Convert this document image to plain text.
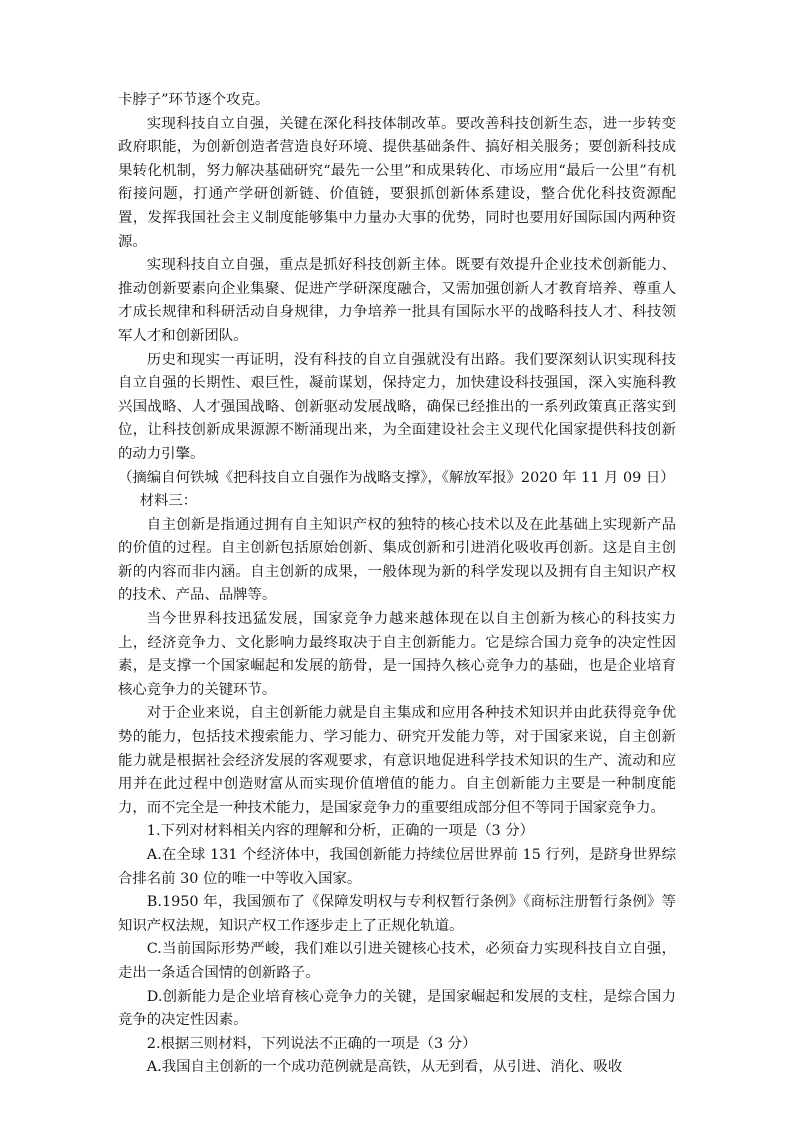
卡脖子”环节逐个攻克。

实现科技自立自强，关键在深化科技体制改革。要改善科技创新生态，进一步转变政府职能，为创新创造者营造良好环境、提供基础条件、搞好相关服务；要创新科技成果转化机制，努力解决基础研究“最先一公里”和成果转化、市场应用“最后一公里”有机衔接问题，打通产学研创新链、价值链，要狠抓创新体系建设，整合优化科技资源配置，发挥我国社会主义制度能够集中力量办大事的优势，同时也要用好国际国内两种资源。

实现科技自立自强，重点是抓好科技创新主体。既要有效提升企业技术创新能力、推动创新要素向企业集聚、促进产学研深度融合，又需加强创新人才教育培养、尊重人才成长规律和科研活动自身规律，力争培养一批具有国际水平的战略科技人才、科技领军人才和创新团队。

历史和现实一再证明，没有科技的自立自强就没有出路。我们要深刻认识实现科技自立自强的长期性、艰巨性，凝前谋划，保持定力，加快建设科技强国，深入实施科教兴国战略、人才强国战略、创新驱动发展战略，确保已经推出的一系列政策真正落实到位，让科技创新成果源源不断涌现出来，为全面建设社会主义现代化国家提供科技创新的动力引擎。

（摘编自何铁城《把科技自立自强作为战略支撑》，《解放军报》2020 年 11 月 09 日）

材料三：

自主创新是指通过拥有自主知识产权的独特的核心技术以及在此基础上实现新产品的价值的过程。自主创新包括原始创新、集成创新和引进消化吸收再创新。这是自主创新的内容而非内涵。自主创新的成果，一般体现为新的科学发现以及拥有自主知识产权的技术、产品、品牌等。

当今世界科技迅猛发展，国家竞争力越来越体现在以自主创新为核心的科技实力上，经济竞争力、文化影响力最终取决于自主创新能力。它是综合国力竞争的决定性因素，是支撑一个国家崛起和发展的筋骨，是一国持久核心竞争力的基础，也是企业培育核心竞争力的关键环节。

对于企业来说，自主创新能力就是自主集成和应用各种技术知识并由此获得竞争优势的能力，包括技术搜索能力、学习能力、研究开发能力等，对于国家来说，自主创新能力就是根据社会经济发展的客观要求，有意识地促进科学技术知识的生产、流动和应用并在此过程中创造财富从而实现价值增值的能力。自主创新能力主要是一种制度能力，而不完全是一种技术能力，是国家竞争力的重要组成部分但不等同于国家竞争力。

1.下列对材料相关内容的理解和分析，正确的一项是（3 分）

A.在全球 131 个经济体中，我国创新能力持续位居世界前 15 行列，是跻身世界综合排名前 30 位的唯一中等收入国家。

B.1950 年，我国颁布了《保障发明权与专利权暂行条例》《商标注册暂行条例》等知识产权法规，知识产权工作逐步走上了正规化轨道。

C.当前国际形势严峻，我们难以引进关键核心技术，必须奋力实现科技自立自强，走出一条适合国情的创新路子。

D.创新能力是企业培育核心竞争力的关键，是国家崛起和发展的支柱，是综合国力竞争的决定性因素。

2.根据三则材料，下列说法不正确的一项是（3 分）

A.我国自主创新的一个成功范例就是高铁，从无到看，从引进、消化、吸收
